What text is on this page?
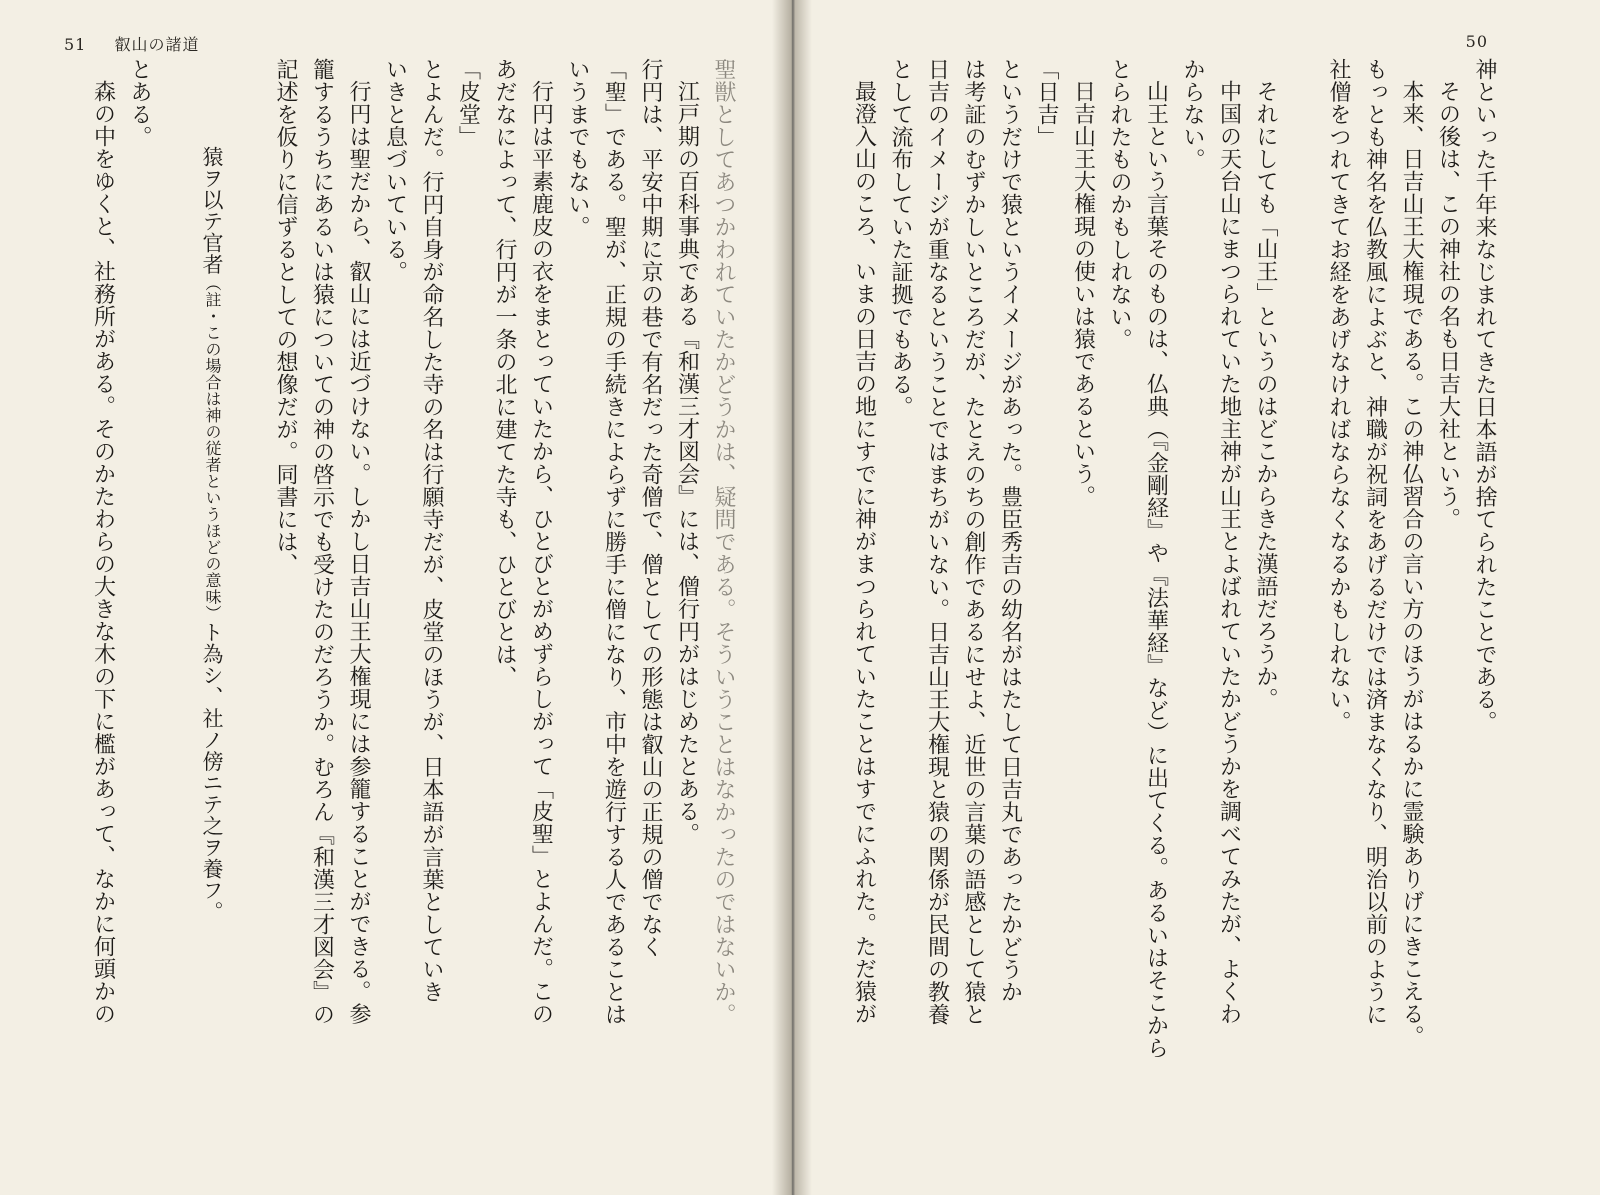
51 叡山の諸道
聖獣としてあつかわれていたかどうかは、疑問である。そういうことはなかったのではないか。
江戸期の百科事典である『和漢三才図会』には、僧行円がはじめたとある。
行円は、平安中期に京の巷で有名だった奇僧で、僧としての形態は叡山の正規の僧でなく
「聖」である。聖が、正規の手続きによらずに勝手に僧になり、市中を遊行する人であることは
いうまでもない。
行円は平素鹿皮の衣をまとっていたから、ひとびとがめずらしがって「皮聖」とよんだ。この
あだなによって、行円が一条の北に建てた寺も、ひとびとは、
「皮堂」
とよんだ。行円自身が命名した寺の名は行願寺だが、皮堂のほうが、日本語が言葉としていき
いきと息づいている。
行円は聖だから、叡山には近づけない。しかし日吉山王大権現には参籠することができる。参
籠するうちにあるいは猿についての神の啓示でも受けたのだろうか。むろん『和漢三才図会』の
記述を仮りに信ずるとしての想像だが。同書には、
猿ヲ以テ官者（註・この場合は神の従者というほどの意味）ト為シ、社ノ傍ニテ之ヲ養フ。
とある。
森の中をゆくと、社務所がある。そのかたわらの大きな木の下に檻があって、なかに何頭かの
50
神といった千年来なじまれてきた日本語が捨てられたことである。
その後は、この神社の名も日吉大社という。
本来、日吉山王大権現である。この神仏習合の言い方のほうがはるかに霊験ありげにきこえる。
もっとも神名を仏教風によぶと、神職が祝詞をあげるだけでは済まなくなり、明治以前のように
社僧をつれてきてお経をあげなければならなくなるかもしれない。
それにしても「山王」というのはどこからきた漢語だろうか。
中国の天台山にまつられていた地主神が山王とよばれていたかどうかを調べてみたが、よくわ
からない。
山王という言葉そのものは、仏典（『金剛経』や『法華経』など）に出てくる。あるいはそこから
とられたものかもしれない。
日吉山王大権現の使いは猿であるという。
「日吉」
というだけで猿というイメージがあった。豊臣秀吉の幼名がはたして日吉丸であったかどうか
は考証のむずかしいところだが、たとえのちの創作であるにせよ、近世の言葉の語感として猿と
日吉のイメージが重なるということではまちがいない。日吉山王大権現と猿の関係が民間の教養
として流布していた証拠でもある。
最澄入山のころ、いまの日吉の地にすでに神がまつられていたことはすでにふれた。ただ猿が
